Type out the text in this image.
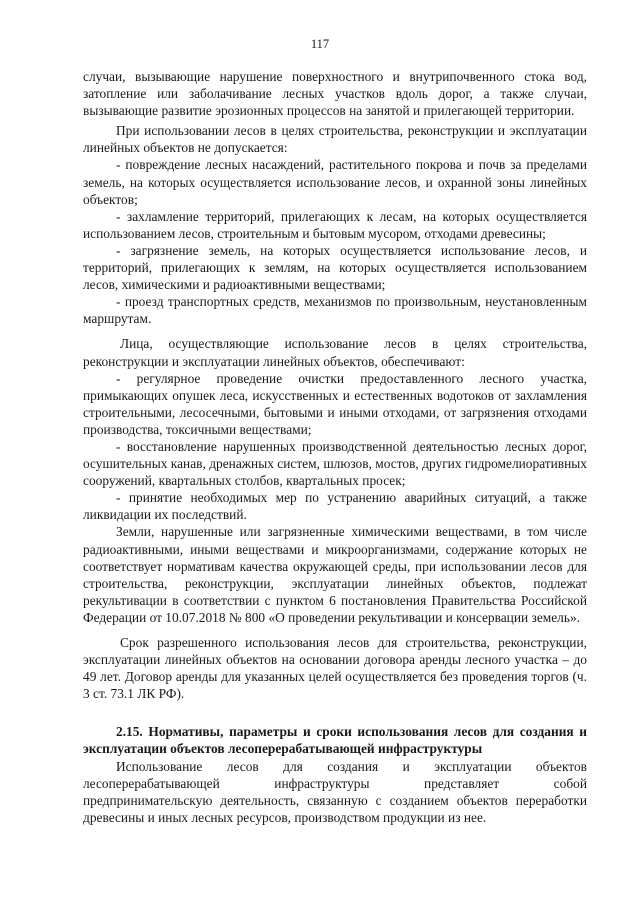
117

случаи, вызывающие нарушение поверхностного и внутрипочвенного стока вод, затопление или заболачивание лесных участков вдоль дорог, а также случаи, вызывающие развитие эрозионных процессов на занятой и прилегающей территории.

При использовании лесов в целях строительства, реконструкции и эксплуатации линейных объектов не допускается:

- повреждение лесных насаждений, растительного покрова и почв за пределами земель, на которых осуществляется использование лесов, и охранной зоны линейных объектов;

- захламление территорий, прилегающих к лесам, на которых осуществляется использованием лесов, строительным и бытовым мусором, отходами древесины;

- загрязнение земель, на которых осуществляется использование лесов, и территорий, прилегающих к землям, на которых осуществляется использованием лесов, химическими и радиоактивными веществами;

- проезд транспортных средств, механизмов по произвольным, неустановленным маршрутам.

Лица, осуществляющие использование лесов в целях строительства, реконструкции и эксплуатации линейных объектов, обеспечивают:

- регулярное проведение очистки предоставленного лесного участка, примыкающих опушек леса, искусственных и естественных водотоков от захламления строительными, лесосечными, бытовыми и иными отходами, от загрязнения отходами производства, токсичными веществами;

- восстановление нарушенных производственной деятельностью лесных дорог, осушительных канав, дренажных систем, шлюзов, мостов, других гидромелиоративных сооружений, квартальных столбов, квартальных просек;

- принятие необходимых мер по устранению аварийных ситуаций, а также ликвидации их последствий.

Земли, нарушенные или загрязненные химическими веществами, в том числе радиоактивными, иными веществами и микроорганизмами, содержание которых не соответствует нормативам качества окружающей среды, при использовании лесов для строительства, реконструкции, эксплуатации линейных объектов, подлежат рекультивации в соответствии с пунктом 6 постановления Правительства Российской Федерации от 10.07.2018 № 800 «О проведении рекультивации и консервации земель».

Срок разрешенного использования лесов для строительства, реконструкции, эксплуатации линейных объектов на основании договора аренды лесного участка – до 49 лет. Договор аренды для указанных целей осуществляется без проведения торгов (ч. 3 ст. 73.1 ЛК РФ).

2.15. Нормативы, параметры и сроки использования лесов для создания и эксплуатации объектов лесоперерабатывающей инфраструктуры

Использование лесов для создания и эксплуатации объектов

лесоперерабатывающей инфраструктуры представляет собой

предпринимательскую деятельность, связанную с созданием объектов переработки древесины и иных лесных ресурсов, производством продукции из нее.
